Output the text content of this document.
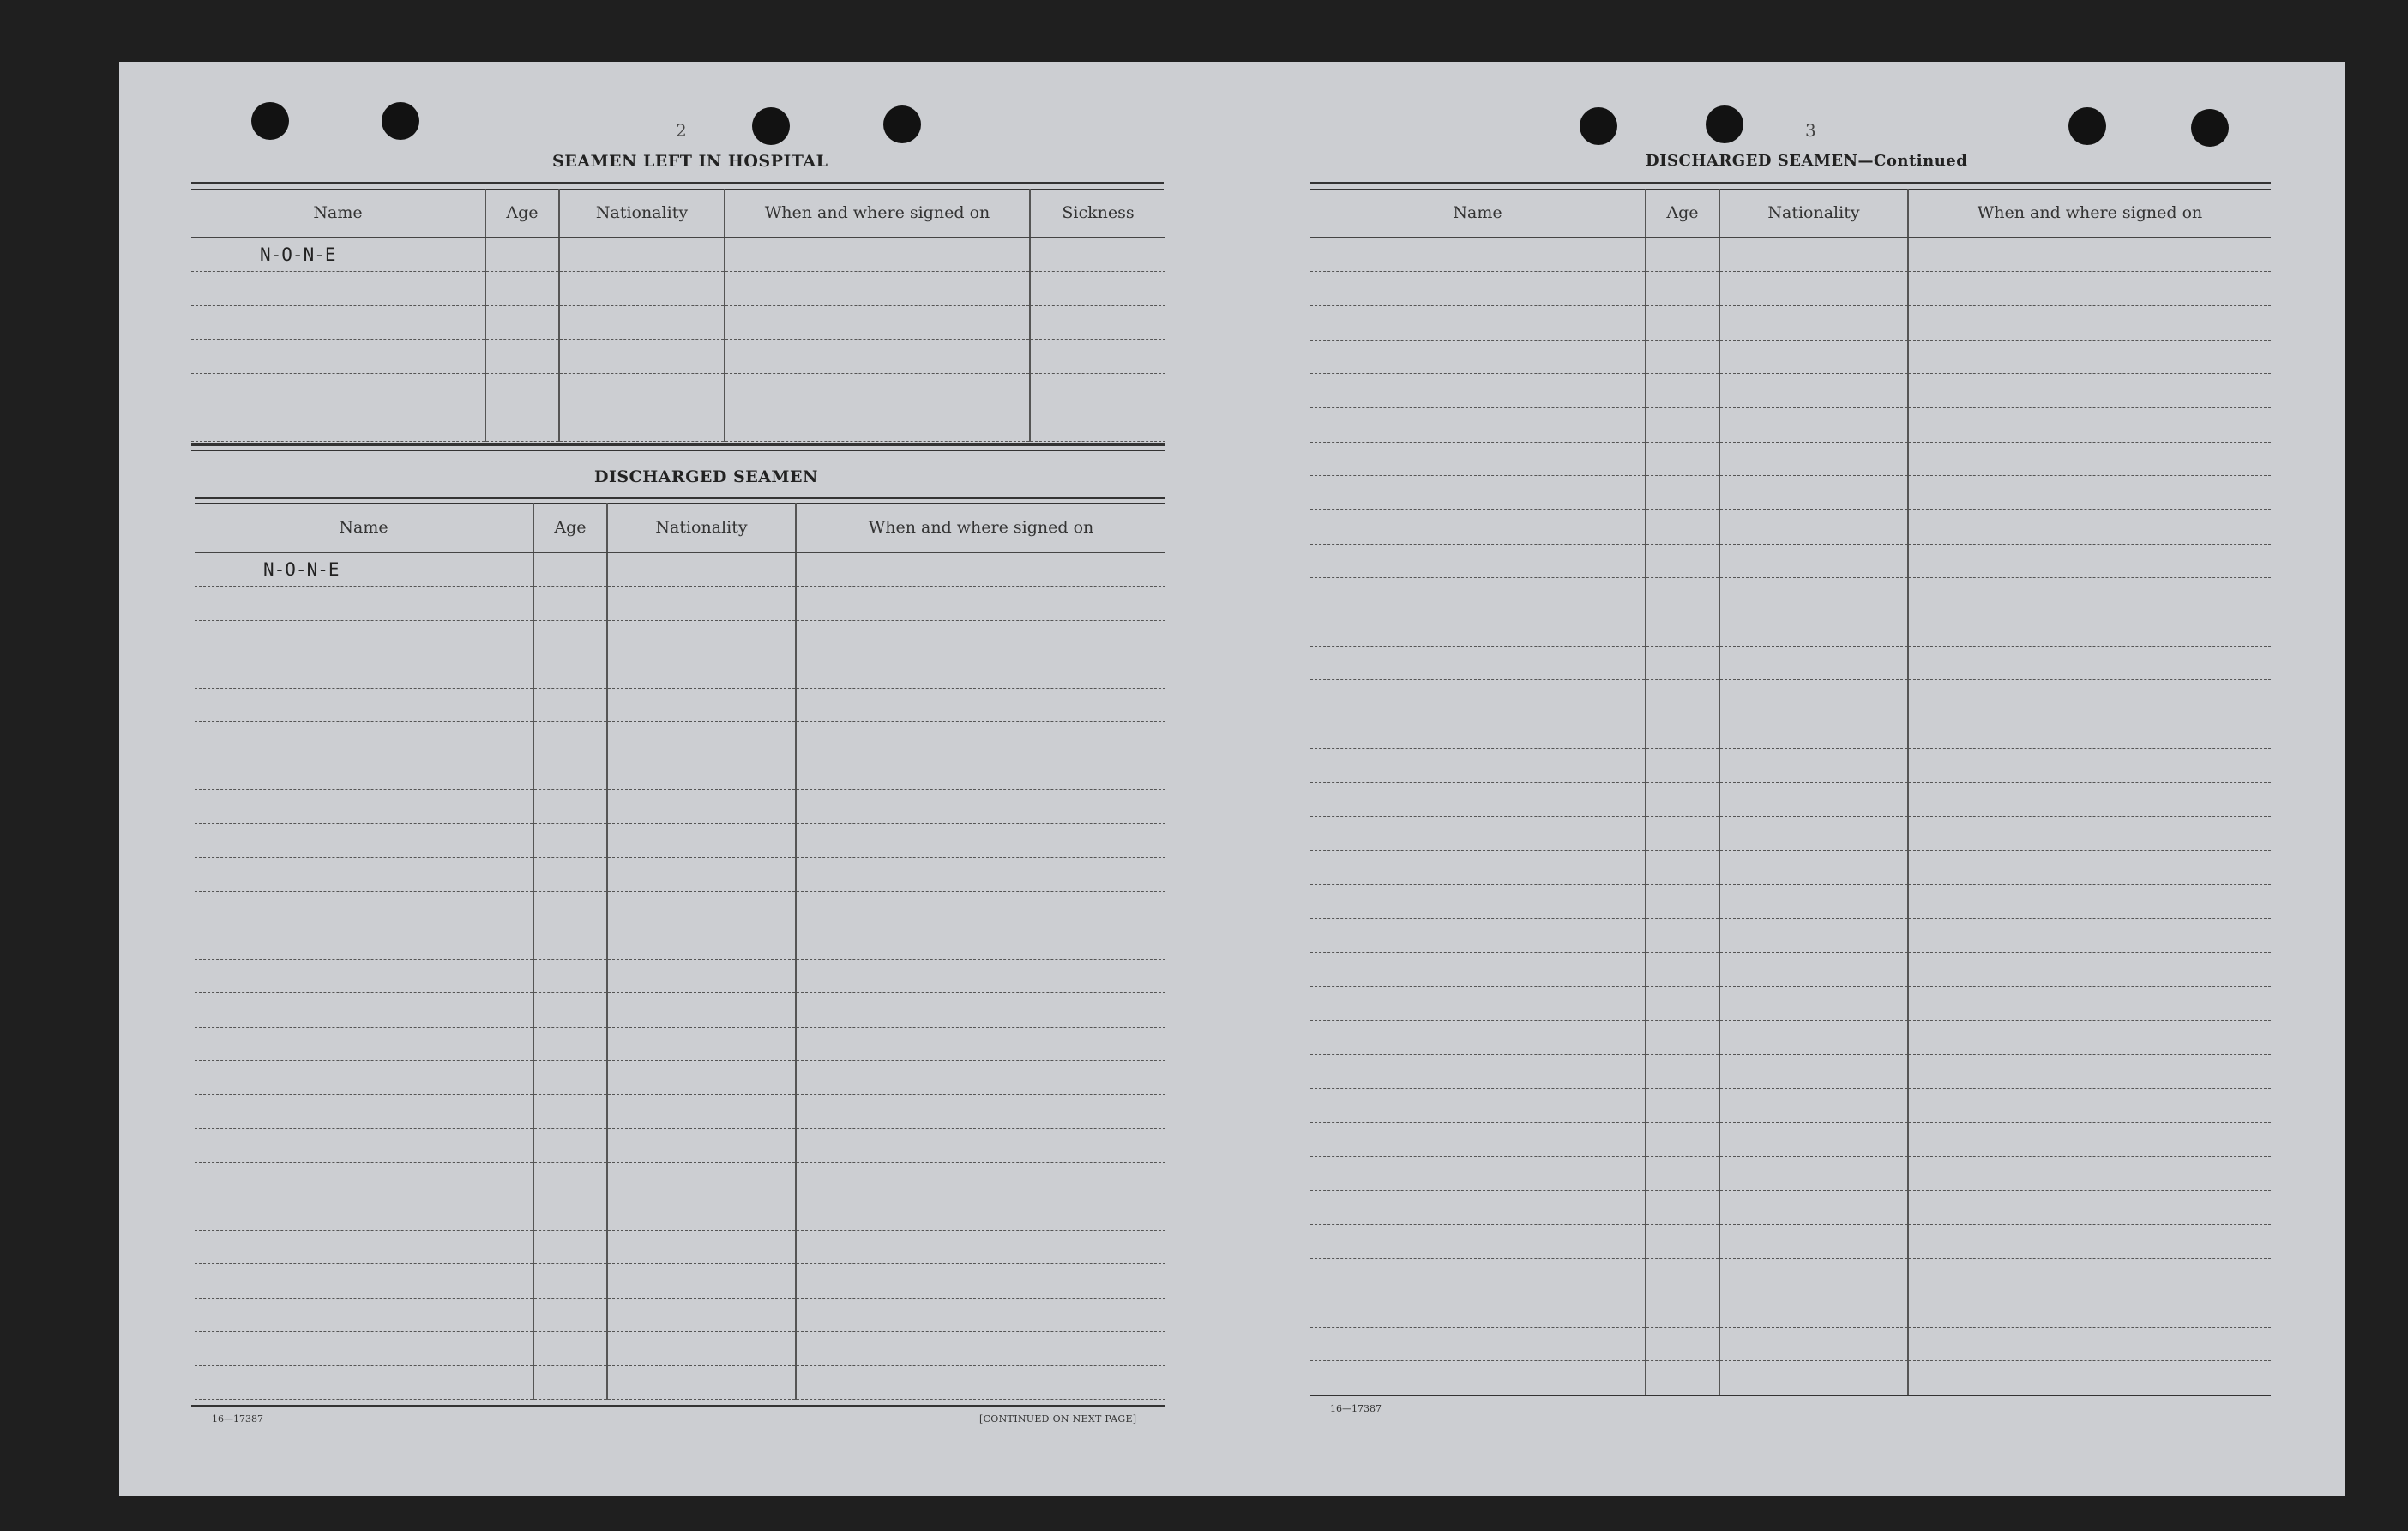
2
SEAMEN LEFT IN HOSPITAL
Name	Age	Nationality	When and where signed on	Sickness
N-O-N-E				

DISCHARGED SEAMEN
Name	Age	Nationality	When and where signed on
N-O-N-E			

16—17387	[CONTINUED ON NEXT PAGE]
3
DISCHARGED SEAMEN—Continued
Name	Age	Nationality	When and where signed on

16—17387
